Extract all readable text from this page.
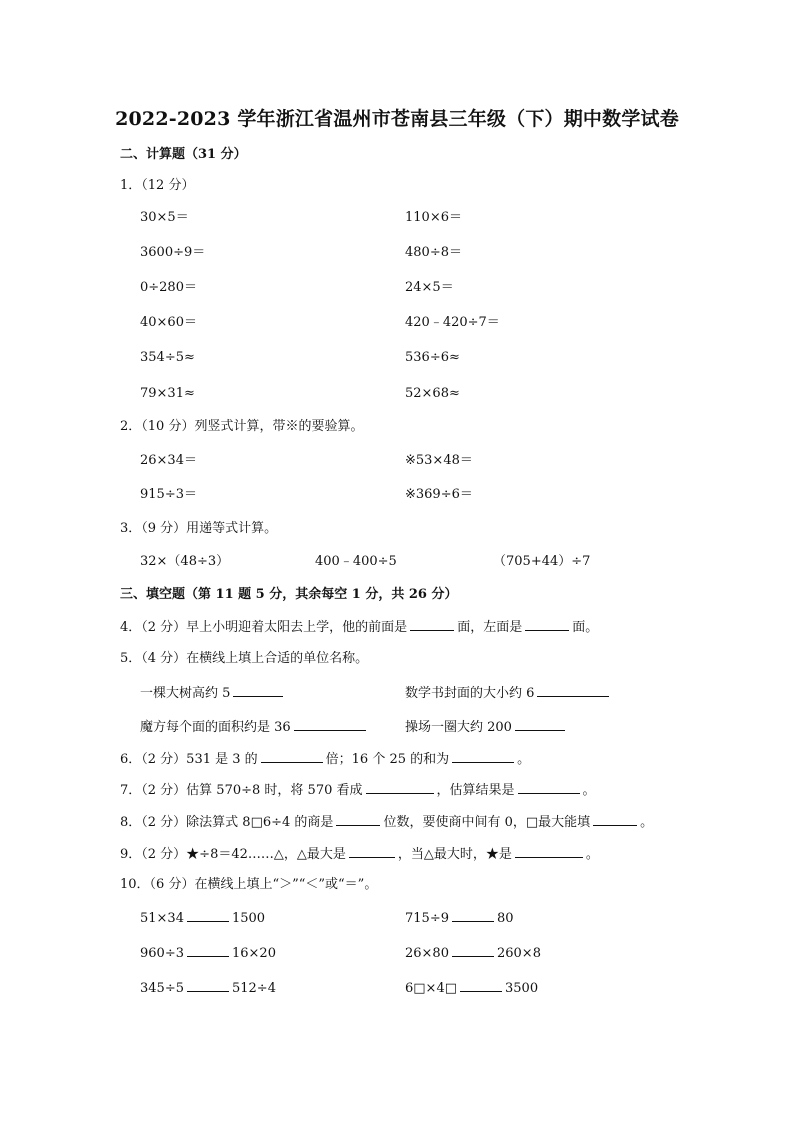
2022-2023 学年浙江省温州市苍南县三年级（下）期中数学试卷
二、计算题（31 分）
1．（12 分）
30×5＝	110×6＝
3600÷9＝	480÷8＝
0÷280＝	24×5＝
40×60＝	420﹣420÷7＝
354÷5≈	536÷6≈
79×31≈	52×68≈
2．（10 分）列竖式计算，带※的要验算。
26×34＝	※53×48＝
915÷3＝	※369÷6＝
3．（9 分）用递等式计算。
32×（48÷3）	400﹣400÷5	（705+44）÷7
三、填空题（第 11 题 5 分，其余每空 1 分，共 26 分）
4．（2 分）早上小明迎着太阳去上学，他的前面是	面，左面是	面。
5．（4 分）在横线上填上合适的单位名称。
一棵大树高约 5	数学书封面的大小约 6
魔方每个面的面积约是 36	操场一圈大约 200
6．（2 分）531 是 3 的	倍；16 个 25 的和为	。
7．（2 分）估算 570÷8 时，将 570 看成	，估算结果是	。
8．（2 分）除法算式 8□6÷4 的商是	位数，要使商中间有 0，□最大能填	。
9．（2 分）★÷8＝42……△，△最大是	，当△最大时，★是	。
10．（6 分）在横线上填上“＞”“＜”或“＝”。
51×34	1500	715÷9	80
960÷3	16×20	26×80	260×8
345÷5	512÷4	6□×4□	3500
